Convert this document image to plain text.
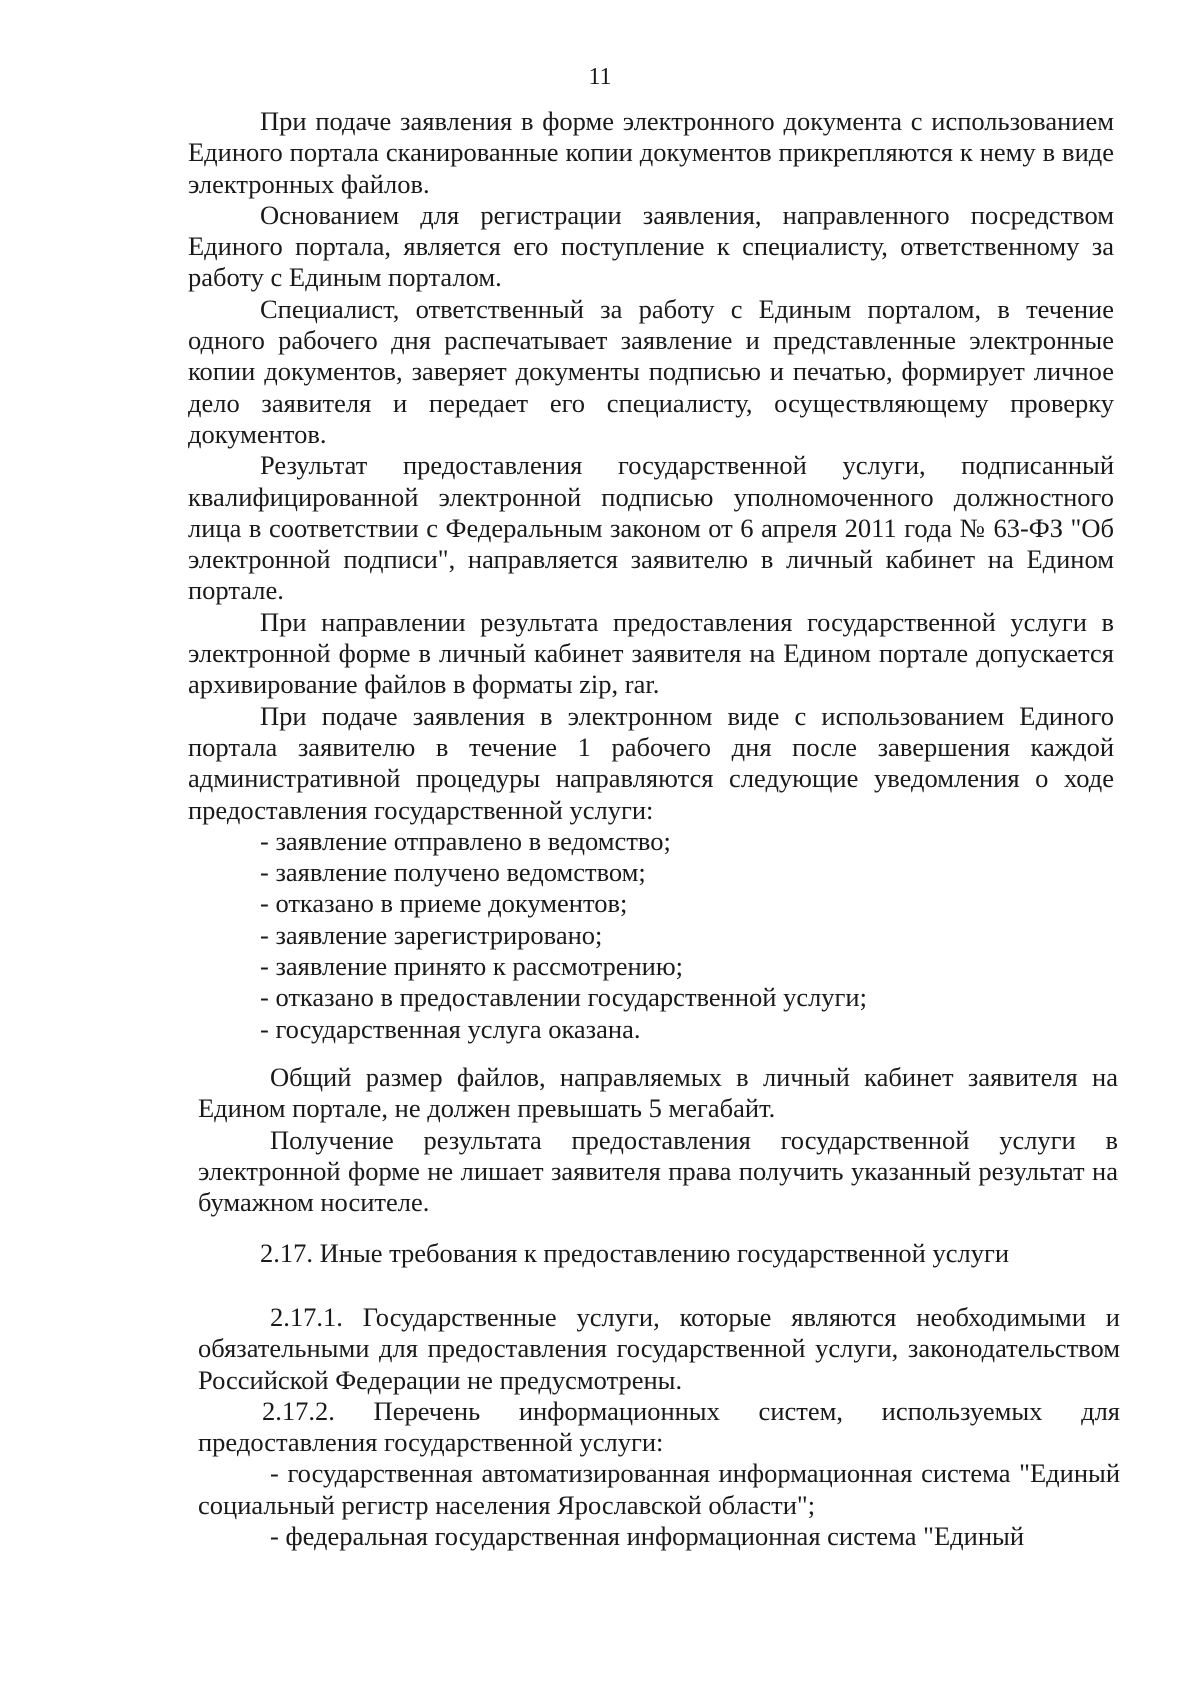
11

При подаче заявления в форме электронного документа с использованием Единого портала сканированные копии документов прикрепляются к нему в виде электронных файлов.

Основанием для регистрации заявления, направленного посредством Единого портала, является его поступление к специалисту, ответственному за работу с Единым порталом.

Специалист, ответственный за работу с Единым порталом, в течение одного рабочего дня распечатывает заявление и представленные электронные копии документов, заверяет документы подписью и печатью, формирует личное дело заявителя и передает его специалисту, осуществляющему проверку документов.

Результат предоставления государственной услуги, подписанный квалифицированной электронной подписью уполномоченного должностного лица в соответствии с Федеральным законом от 6 апреля 2011 года № 63-ФЗ "Об электронной подписи", направляется заявителю в личный кабинет на Едином портале.

При направлении результата предоставления государственной услуги в электронной форме в личный кабинет заявителя на Едином портале допускается архивирование файлов в форматы zip, rar.

При подаче заявления в электронном виде с использованием Единого портала заявителю в течение 1 рабочего дня после завершения каждой административной процедуры направляются следующие уведомления о ходе предоставления государственной услуги:

- заявление отправлено в ведомство;
- заявление получено ведомством;
- отказано в приеме документов;
- заявление зарегистрировано;
- заявление принято к рассмотрению;
- отказано в предоставлении государственной услуги;
- государственная услуга оказана.

Общий размер файлов, направляемых в личный кабинет заявителя на Едином портале, не должен превышать 5 мегабайт.

Получение результата предоставления государственной услуги в электронной форме не лишает заявителя права получить указанный результат на бумажном носителе.

2.17. Иные требования к предоставлению государственной услуги

2.17.1. Государственные услуги, которые являются необходимыми и обязательными для предоставления государственной услуги, законодательством Российской Федерации не предусмотрены.

2.17.2. Перечень информационных систем, используемых для предоставления государственной услуги:

- государственная автоматизированная информационная система "Единый социальный регистр населения Ярославской области";

- федеральная государственная информационная система "Единый
